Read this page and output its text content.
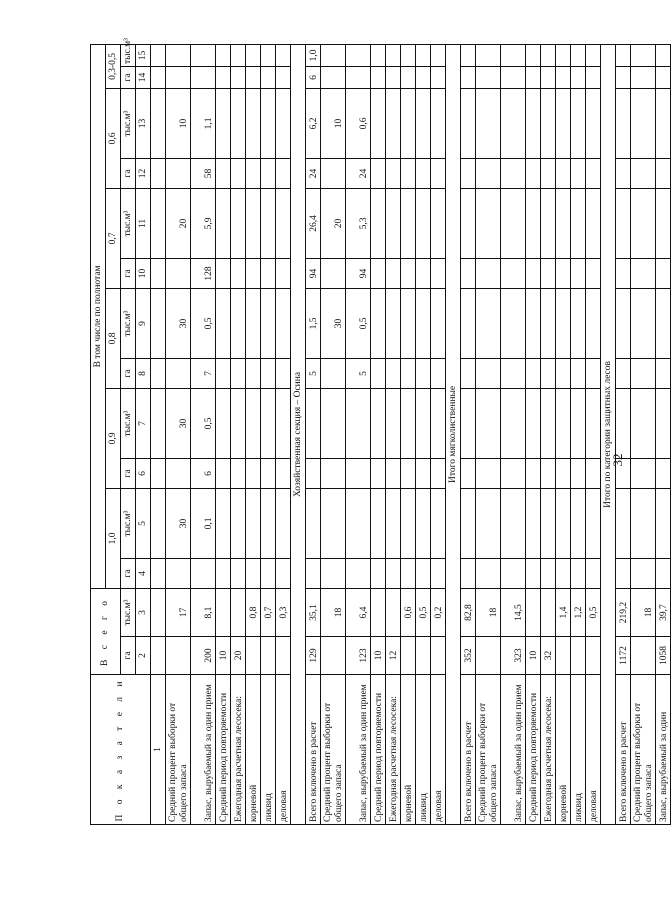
П о к а з а т е л и	В с е г о		В том числе по полнотам											
			1,0		0,9		0,8		0,7		0,6		0,3-0,5	
	га	тыс.м³	га	тыс.м³	га	тыс.м³	га	тыс.м³	га	тыс.м³	га	тыс.м³	га	тыс.м³
	2	3	4	5	6	7	8	9	10	11	12	13	14	15
1														
Средний процент выборки от общего запаса		17		30		30		30		20		10		
Запас, вырубаемый за один прием	200	8,1		0,1	6	0,5	7	0,5	128	5,9	58	1,1		
Средний период повторяемости	10													
Ежегодная расчетная лесосека:	20													
корневой		0,8												
ликвид		0,7												
деловая		0,3												
Хозяйственная секция – Осина														
Всего включено в расчет	129	35,1					5	1,5	94	26,4	24	6,2	6	1,0
Средний процент выборки от общего запаса		18						30		20		10		
Запас, вырубаемый за один прием	123	6,4					5	0,5	94	5,3	24	0,6		
Средний период повторяемости	10													
Ежегодная расчетная лесосека:	12													
корневой		0,6												
ликвид		0,5												
деловая		0,2												
Итого мягколиственные														
Всего включено в расчет	352	82,8												
Средний процент выборки от общего запаса		18												
Запас, вырубаемый за один прием	323	14,5												
Средний период повторяемости	10													
Ежегодная расчетная лесосека:	32													
корневой		1,4												
ликвид		1,2												
деловая		0,5												
Итого по категории защитных лесов														
Всего включено в расчет	1172	219,2												
Средний процент выборки от общего запаса		18												
Запас, вырубаемый за один	1058	39,7												
32
